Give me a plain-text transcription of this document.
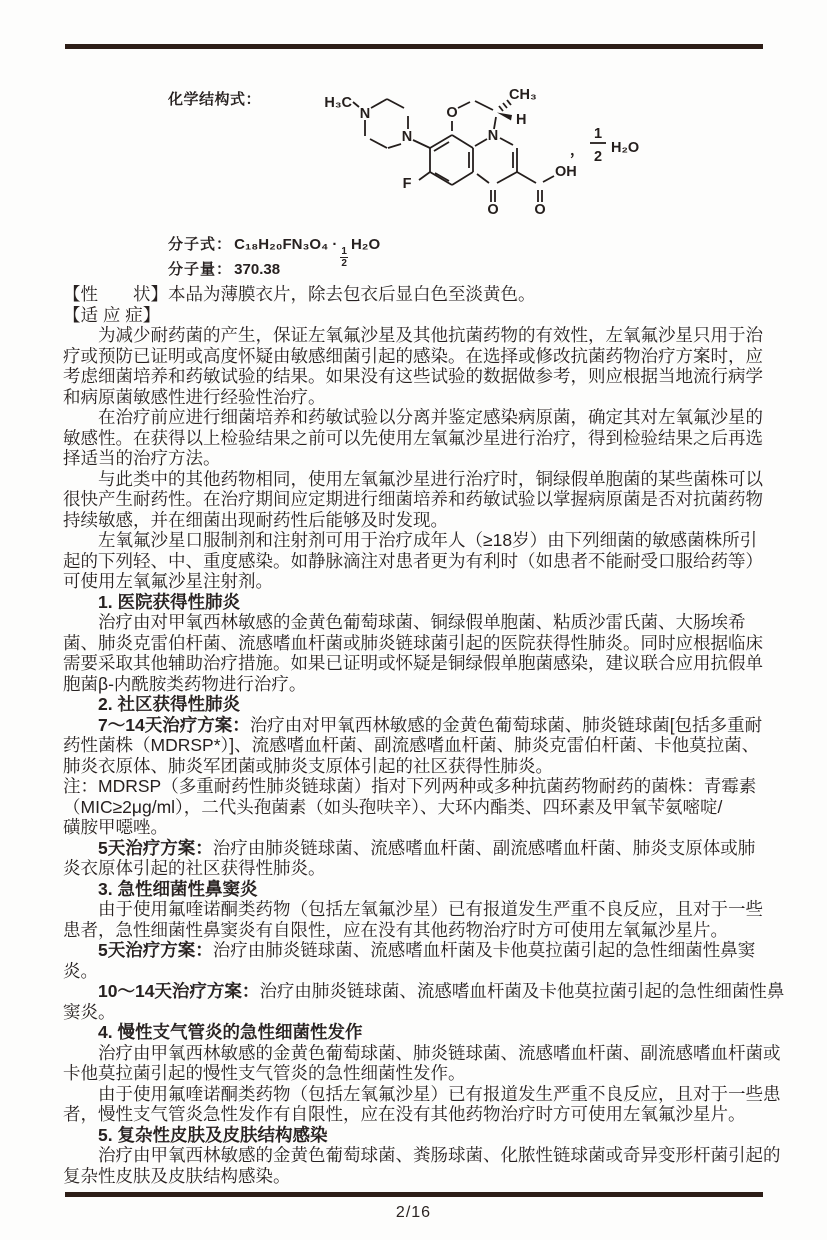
化学结构式：	H₃C
N
N
O
F
N
CH₃
H
O O
OH
，
1
2
H₂O
分子式： C₁₈H₂₀FN₃O₄ ·
$\frac{1}{2}$
H₂O
分子量： 370.38
【性　　状】本品为薄膜衣片，除去包衣后显白色至淡黄色。
【适 应 症】
为减少耐药菌的产生，保证左氧氟沙星及其他抗菌药物的有效性，左氧氟沙星只用于治
疗或预防已证明或高度怀疑由敏感细菌引起的感染。在选择或修改抗菌药物治疗方案时，应
考虑细菌培养和药敏试验的结果。如果没有这些试验的数据做参考，则应根据当地流行病学
和病原菌敏感性进行经验性治疗。
在治疗前应进行细菌培养和药敏试验以分离并鉴定感染病原菌，确定其对左氧氟沙星的
敏感性。在获得以上检验结果之前可以先使用左氧氟沙星进行治疗，得到检验结果之后再选
择适当的治疗方法。
与此类中的其他药物相同，使用左氧氟沙星进行治疗时，铜绿假单胞菌的某些菌株可以
很快产生耐药性。在治疗期间应定期进行细菌培养和药敏试验以掌握病原菌是否对抗菌药物
持续敏感，并在细菌出现耐药性后能够及时发现。
左氧氟沙星口服制剂和注射剂可用于治疗成年人（≥18岁）由下列细菌的敏感菌株所引
起的下列轻、中、重度感染。如静脉滴注对患者更为有利时（如患者不能耐受口服给药等）
可使用左氧氟沙星注射剂。
1. 医院获得性肺炎
治疗由对甲氧西林敏感的金黄色葡萄球菌、铜绿假单胞菌、粘质沙雷氏菌、大肠埃希
菌、肺炎克雷伯杆菌、流感嗜血杆菌或肺炎链球菌引起的医院获得性肺炎。同时应根据临床
需要采取其他辅助治疗措施。如果已证明或怀疑是铜绿假单胞菌感染，建议联合应用抗假单
胞菌β-内酰胺类药物进行治疗。
2. 社区获得性肺炎
7～14天治疗方案：治疗由对甲氧西林敏感的金黄色葡萄球菌、肺炎链球菌[包括多重耐
药性菌株（MDRSP*）]、流感嗜血杆菌、副流感嗜血杆菌、肺炎克雷伯杆菌、卡他莫拉菌、
肺炎衣原体、肺炎军团菌或肺炎支原体引起的社区获得性肺炎。
注：MDRSP（多重耐药性肺炎链球菌）指对下列两种或多种抗菌药物耐药的菌株：青霉素
（MIC≥2μg/ml），二代头孢菌素（如头孢呋辛）、大环内酯类、四环素及甲氧苄氨嘧啶/
磺胺甲噁唑。
5天治疗方案：治疗由肺炎链球菌、流感嗜血杆菌、副流感嗜血杆菌、肺炎支原体或肺
炎衣原体引起的社区获得性肺炎。
3. 急性细菌性鼻窦炎
由于使用氟喹诺酮类药物（包括左氧氟沙星）已有报道发生严重不良反应，且对于一些
患者，急性细菌性鼻窦炎有自限性，应在没有其他药物治疗时方可使用左氧氟沙星片。
5天治疗方案：治疗由肺炎链球菌、流感嗜血杆菌及卡他莫拉菌引起的急性细菌性鼻窦
炎。
10～14天治疗方案：治疗由肺炎链球菌、流感嗜血杆菌及卡他莫拉菌引起的急性细菌性鼻
窦炎。
4. 慢性支气管炎的急性细菌性发作
治疗由甲氧西林敏感的金黄色葡萄球菌、肺炎链球菌、流感嗜血杆菌、副流感嗜血杆菌或
卡他莫拉菌引起的慢性支气管炎的急性细菌性发作。
由于使用氟喹诺酮类药物（包括左氧氟沙星）已有报道发生严重不良反应，且对于一些患
者，慢性支气管炎急性发作有自限性，应在没有其他药物治疗时方可使用左氧氟沙星片。
5. 复杂性皮肤及皮肤结构感染
治疗由甲氧西林敏感的金黄色葡萄球菌、粪肠球菌、化脓性链球菌或奇异变形杆菌引起的
复杂性皮肤及皮肤结构感染。
2/16
